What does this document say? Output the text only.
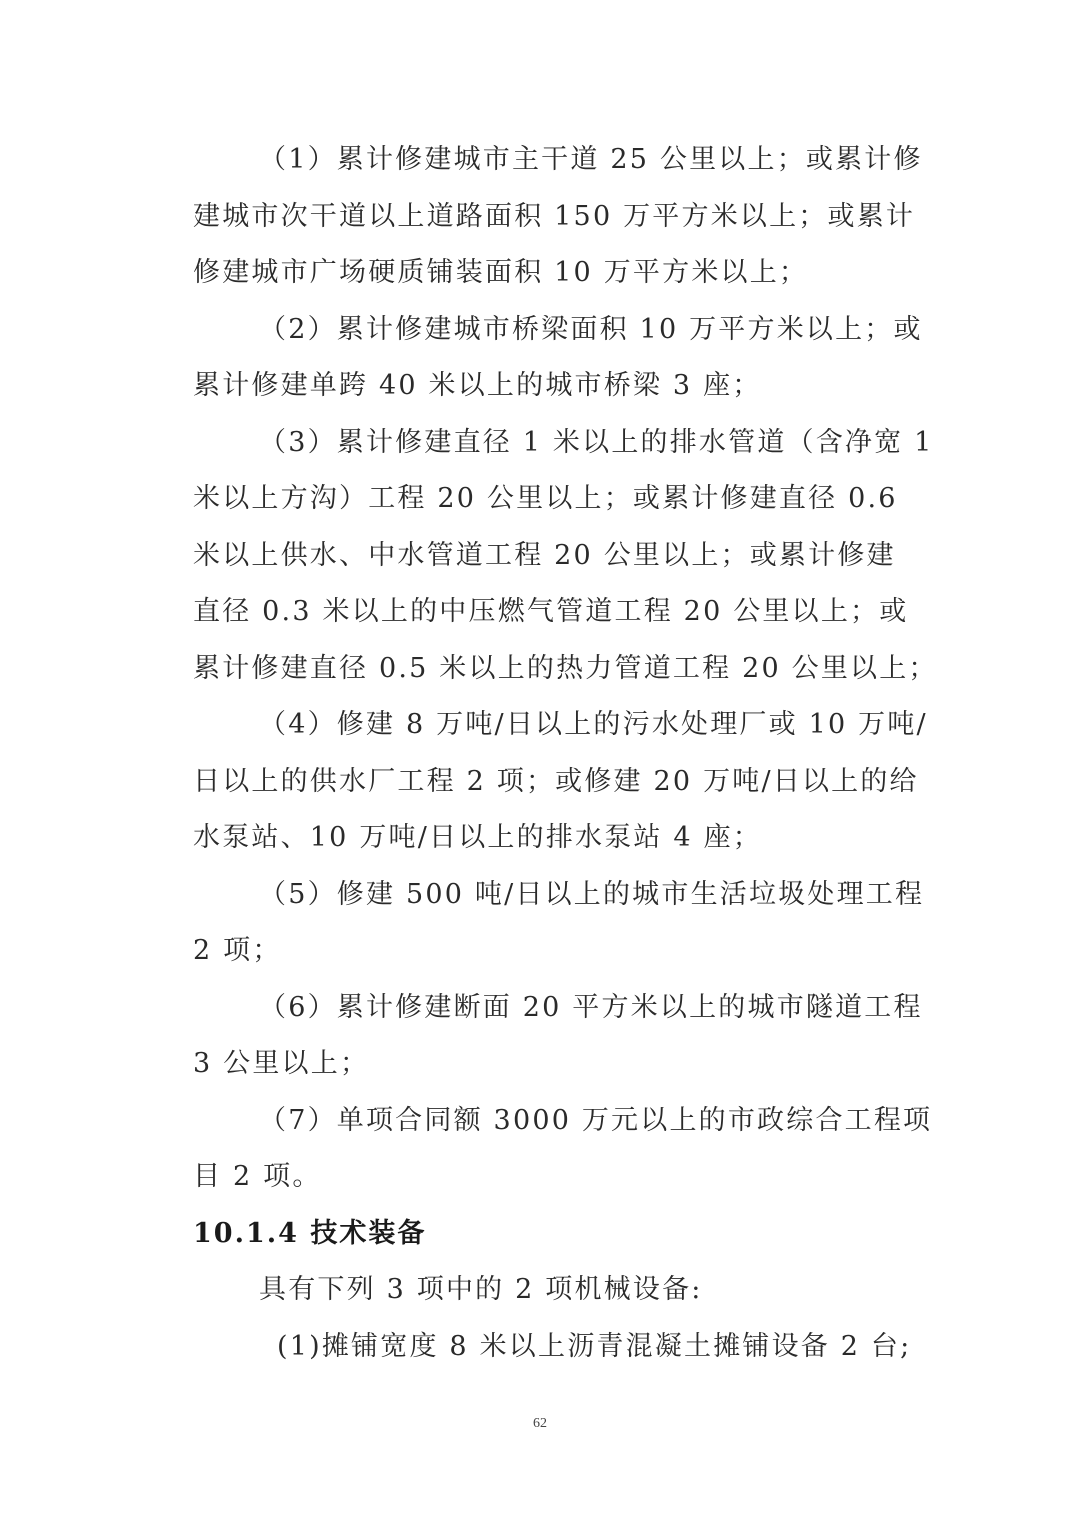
（1）累计修建城市主干道 25 公里以上；或累计修
建城市次干道以上道路面积 150 万平方米以上；或累计
修建城市广场硬质铺装面积 10 万平方米以上；
（2）累计修建城市桥梁面积 10 万平方米以上；或
累计修建单跨 40 米以上的城市桥梁 3 座；
（3）累计修建直径 1 米以上的排水管道（含净宽 1
米以上方沟）工程 20 公里以上；或累计修建直径 0.6
米以上供水、中水管道工程 20 公里以上；或累计修建
直径 0.3 米以上的中压燃气管道工程 20 公里以上；或
累计修建直径 0.5 米以上的热力管道工程 20 公里以上；
（4）修建 8 万吨/日以上的污水处理厂或 10 万吨/
日以上的供水厂工程 2 项；或修建 20 万吨/日以上的给
水泵站、10 万吨/日以上的排水泵站 4 座；
（5）修建 500 吨/日以上的城市生活垃圾处理工程
2 项；
（6）累计修建断面 20 平方米以上的城市隧道工程
3 公里以上；
（7）单项合同额 3000 万元以上的市政综合工程项
目 2 项。
10.1.4 技术装备
具有下列 3 项中的 2 项机械设备:
(1)摊铺宽度 8 米以上沥青混凝土摊铺设备 2 台;
62
